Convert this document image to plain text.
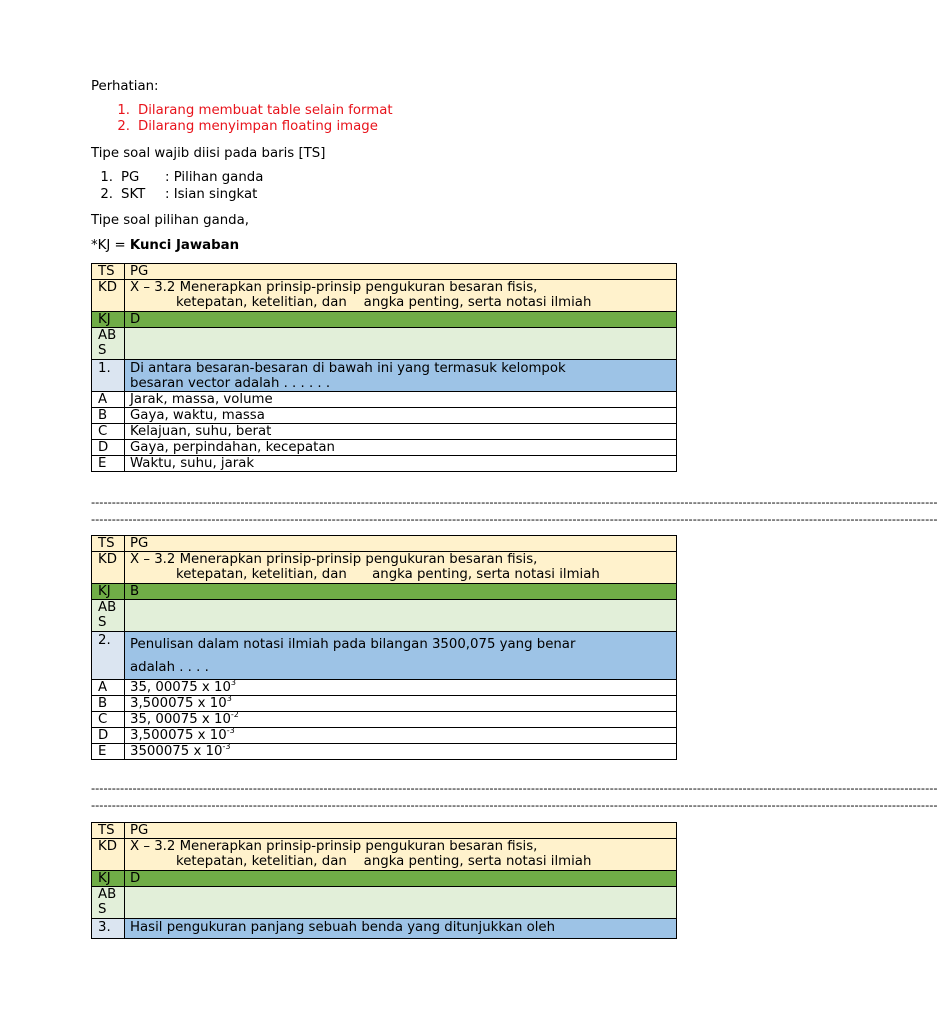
Perhatian:
1. Dilarang membuat table selain format
2. Dilarang menyimpan floating image
Tipe soal wajib diisi pada baris [TS]
1. PG : Pilihan ganda
2. SKT : Isian singkat
Tipe soal pilihan ganda,
*KJ = Kunci Jawaban
TS	PG
KD	X – 3.2 Menerapkan prinsip-prinsip pengukuran besaran fisis,
ketepatan, ketelitian, dan    angka penting, serta notasi ilmiah

KJ	D

AB
S	

1.	Di antara besaran-besaran di bawah ini yang termasuk kelompok
besaran vector adalah . . . . . .

A	Jarak, massa, volume
B	Gaya, waktu, massa
C	Kelajuan, suhu, berat
D	Gaya, perpindahan, kecepatan
E	Waktu, suhu, jarak
------------------------------------------------------------------------------------------------------------------------------------------------------------------------------------------------------------
------------------------------------------------------------------------------------------------------------------------------------------------------------------------------------------------------------
TS	PG
KD	X – 3.2 Menerapkan prinsip-prinsip pengukuran besaran fisis,
ketepatan, ketelitian, dan      angka penting, serta notasi ilmiah

KJ	B

AB
S	

2.	Penulisan dalam notasi ilmiah pada bilangan 3500,075 yang benar
adalah . . . .

A	35, 00075 x $10^3$
B	3,500075 x $10^3$
C	35, 00075 x $10^{-2}$
D	3,500075 x $10^{-3}$
E	3500075 x $10^{-3}$
------------------------------------------------------------------------------------------------------------------------------------------------------------------------------------------------------------
------------------------------------------------------------------------------------------------------------------------------------------------------------------------------------------------------------
TS	PG
KD	X – 3.2 Menerapkan prinsip-prinsip pengukuran besaran fisis,
ketepatan, ketelitian, dan    angka penting, serta notasi ilmiah

KJ	D

AB
S	

3.	Hasil pengukuran panjang sebuah benda yang ditunjukkan oleh
